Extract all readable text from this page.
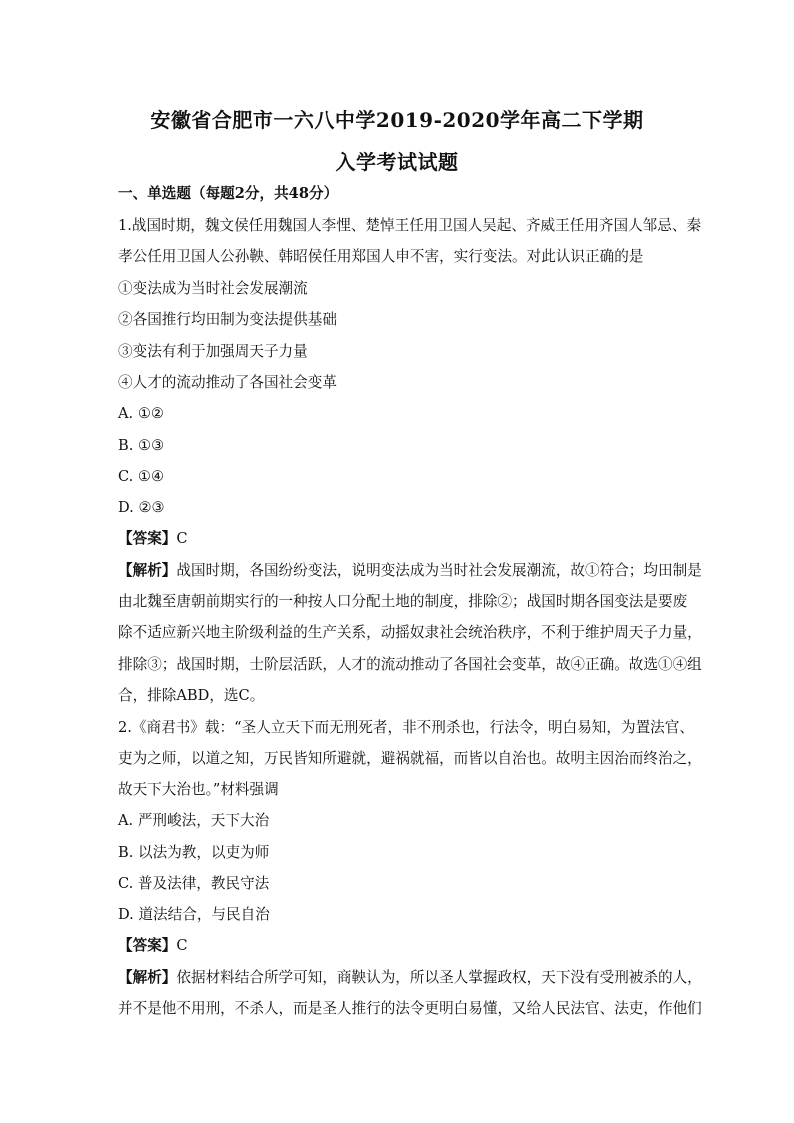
安徽省合肥市一六八中学2019-2020学年高二下学期
入学考试试题
一、单选题（每题2分，共48分）
1.战国时期，魏文侯任用魏国人李悝、楚悼王任用卫国人吴起、齐威王任用齐国人邹忌、秦
孝公任用卫国人公孙鞅、韩昭侯任用郑国人申不害，实行变法。对此认识正确的是
①变法成为当时社会发展潮流
②各国推行均田制为变法提供基础
③变法有利于加强周天子力量
④人才的流动推动了各国社会变革
A. ①②
B. ①③
C. ①④
D. ②③
【答案】C
【解析】战国时期，各国纷纷变法，说明变法成为当时社会发展潮流，故①符合；均田制是
由北魏至唐朝前期实行的一种按人口分配土地的制度，排除②；战国时期各国变法是要废
除不适应新兴地主阶级利益的生产关系，动摇奴隶社会统治秩序，不利于维护周天子力量，
排除③；战国时期，士阶层活跃，人才的流动推动了各国社会变革，故④正确。故选①④组
合，排除ABD，选C。
2.《商君书》载：“圣人立天下而无刑死者，非不刑杀也，行法令，明白易知，为置法官、
吏为之师，以道之知，万民皆知所避就，避祸就福，而皆以自治也。故明主因治而终治之，
故天下大治也。”材料强调
A. 严刑峻法，天下大治
B. 以法为教，以吏为师
C. 普及法律，教民守法
D. 道法结合，与民自治
【答案】C
【解析】依据材料结合所学可知，商鞅认为，所以圣人掌握政权，天下没有受刑被杀的人，
并不是他不用刑，不杀人，而是圣人推行的法令更明白易懂，又给人民法官、法吏，作他们
